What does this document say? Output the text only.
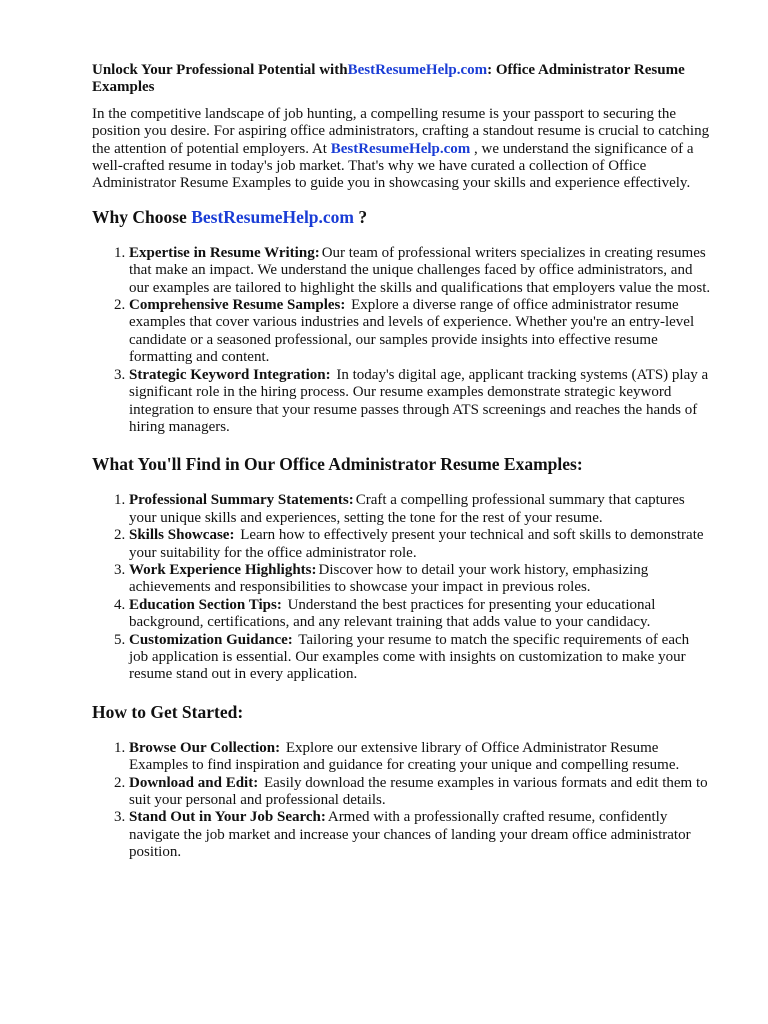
Unlock Your Professional Potential withBestResumeHelp.com: Office Administrator Resume Examples

In the competitive landscape of job hunting, a compelling resume is your passport to securing the position you desire. For aspiring office administrators, crafting a standout resume is crucial to catching the attention of potential employers. At BestResumeHelp.com , we understand the significance of a well-crafted resume in today's job market. That's why we have curated a collection of Office Administrator Resume Examples to guide you in showcasing your skills and experience effectively.

Why Choose BestResumeHelp.com ?
1. Expertise in Resume Writing: Our team of professional writers specializes in creating resumes that make an impact. We understand the unique challenges faced by office administrators, and our examples are tailored to highlight the skills and qualifications that employers value the most.
2. Comprehensive Resume Samples: Explore a diverse range of office administrator resume examples that cover various industries and levels of experience. Whether you're an entry-level candidate or a seasoned professional, our samples provide insights into effective resume formatting and content.
3. Strategic Keyword Integration: In today's digital age, applicant tracking systems (ATS) play a significant role in the hiring process. Our resume examples demonstrate strategic keyword integration to ensure that your resume passes through ATS screenings and reaches the hands of hiring managers.
What You'll Find in Our Office Administrator Resume Examples:
1. Professional Summary Statements: Craft a compelling professional summary that captures your unique skills and experiences, setting the tone for the rest of your resume.
2. Skills Showcase: Learn how to effectively present your technical and soft skills to demonstrate your suitability for the office administrator role.
3. Work Experience Highlights: Discover how to detail your work history, emphasizing achievements and responsibilities to showcase your impact in previous roles.
4. Education Section Tips: Understand the best practices for presenting your educational background, certifications, and any relevant training that adds value to your candidacy.
5. Customization Guidance: Tailoring your resume to match the specific requirements of each job application is essential. Our examples come with insights on customization to make your resume stand out in every application.
How to Get Started:
1. Browse Our Collection: Explore our extensive library of Office Administrator Resume Examples to find inspiration and guidance for creating your unique and compelling resume.
2. Download and Edit: Easily download the resume examples in various formats and edit them to suit your personal and professional details.
3. Stand Out in Your Job Search: Armed with a professionally crafted resume, confidently navigate the job market and increase your chances of landing your dream office administrator position.
